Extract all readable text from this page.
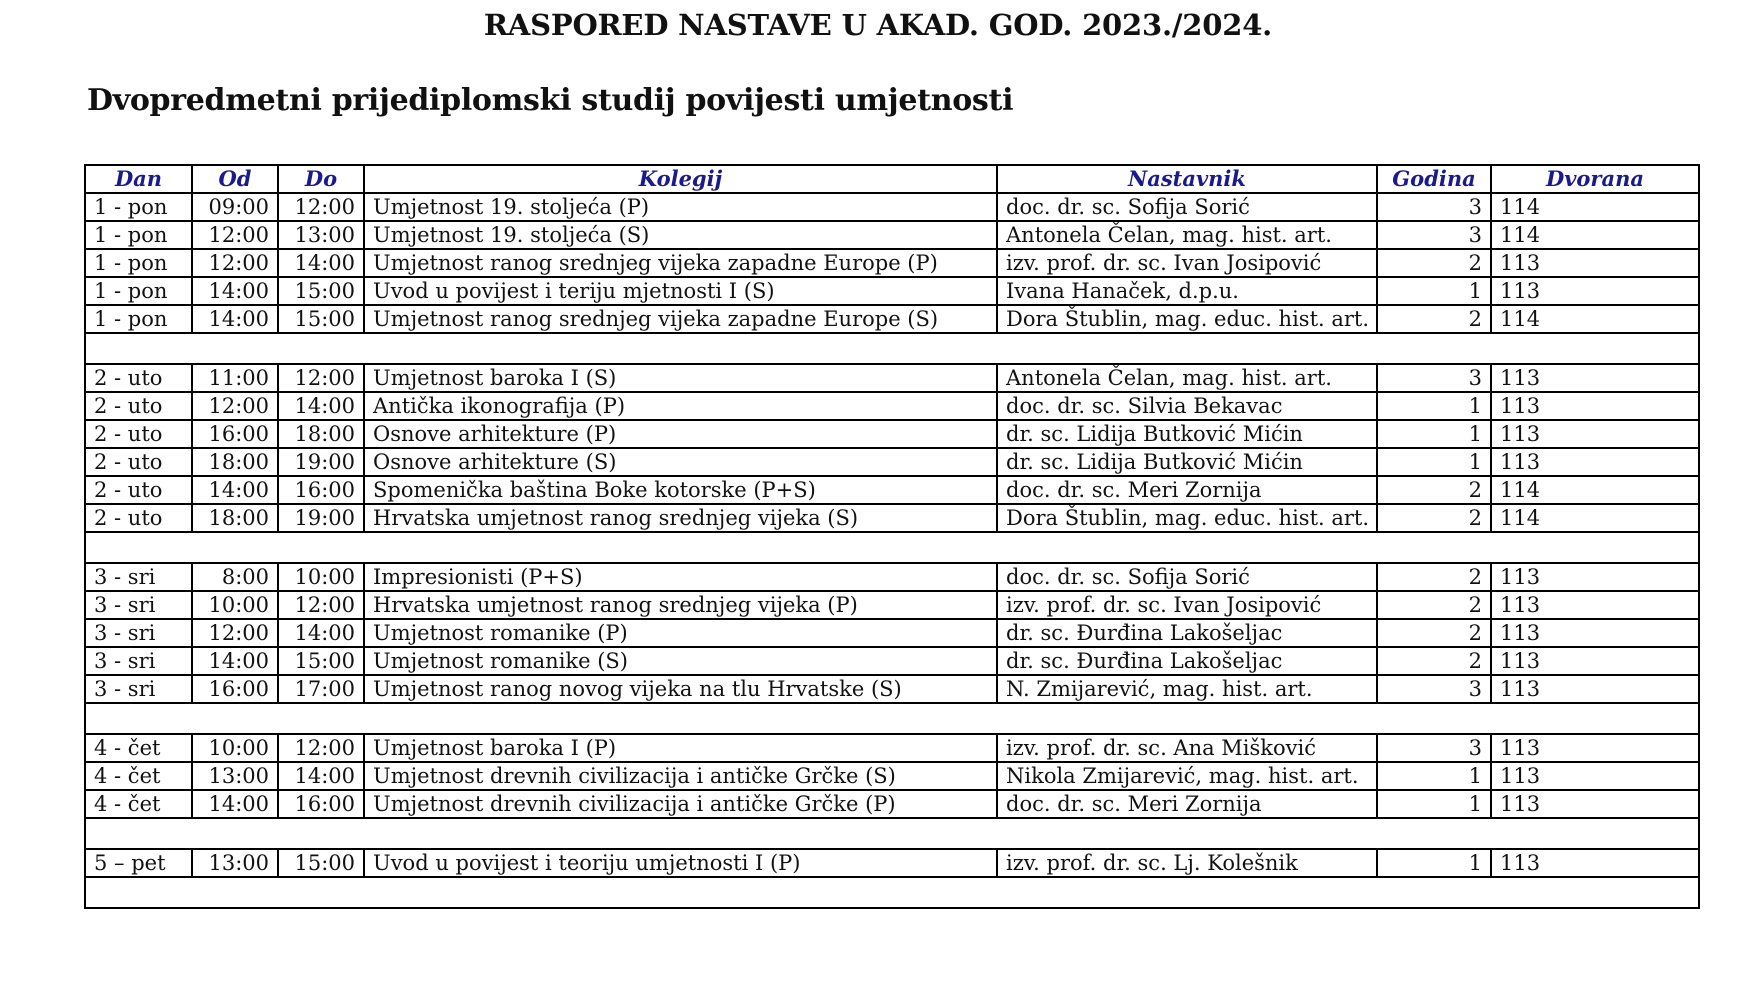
RASPORED NASTAVE U AKAD. GOD. 2023./2024.
Dvopredmetni prijediplomski studij povijesti umjetnosti
Dan	Od	Do	Kolegij	Nastavnik	Godina	Dvorana
1 - pon	09:00	12:00	Umjetnost 19. stoljeća (P)	doc. dr. sc. Sofija Sorić	3	114
1 - pon	12:00	13:00	Umjetnost 19. stoljeća (S)	Antonela Čelan, mag. hist. art.	3	114
1 - pon	12:00	14:00	Umjetnost ranog srednjeg vijeka zapadne Europe (P)	izv. prof. dr. sc. Ivan Josipović	2	113
1 - pon	14:00	15:00	Uvod u povijest i teriju mjetnosti I (S)	Ivana Hanaček, d.p.u.	1	113
1 - pon	14:00	15:00	Umjetnost ranog srednjeg vijeka zapadne Europe (S)	Dora Štublin, mag. educ. hist. art.	2	114

2 - uto	11:00	12:00	Umjetnost baroka I (S)	Antonela Čelan, mag. hist. art.	3	113
2 - uto	12:00	14:00	Antička ikonografija (P)	doc. dr. sc. Silvia Bekavac	1	113
2 - uto	16:00	18:00	Osnove arhitekture (P)	dr. sc. Lidija Butković Mićin	1	113
2 - uto	18:00	19:00	Osnove arhitekture (S)	dr. sc. Lidija Butković Mićin	1	113
2 - uto	14:00	16:00	Spomenička baština Boke kotorske (P+S)	doc. dr. sc. Meri Zornija	2	114
2 - uto	18:00	19:00	Hrvatska umjetnost ranog srednjeg vijeka (S)	Dora Štublin, mag. educ. hist. art.	2	114

3 - sri	8:00	10:00	Impresionisti (P+S)	doc. dr. sc. Sofija Sorić	2	113
3 - sri	10:00	12:00	Hrvatska umjetnost ranog srednjeg vijeka (P)	izv. prof. dr. sc. Ivan Josipović	2	113
3 - sri	12:00	14:00	Umjetnost romanike (P)	dr. sc. Đurđina Lakošeljac	2	113
3 - sri	14:00	15:00	Umjetnost romanike (S)	dr. sc. Đurđina Lakošeljac	2	113
3 - sri	16:00	17:00	Umjetnost ranog novog vijeka na tlu Hrvatske (S)	N. Zmijarević, mag. hist. art.	3	113

4 - čet	10:00	12:00	Umjetnost baroka I (P)	izv. prof. dr. sc. Ana Mišković	3	113
4 - čet	13:00	14:00	Umjetnost drevnih civilizacija i antičke Grčke (S)	Nikola Zmijarević, mag. hist. art.	1	113
4 - čet	14:00	16:00	Umjetnost drevnih civilizacija i antičke Grčke (P)	doc. dr. sc. Meri Zornija	1	113

5 – pet	13:00	15:00	Uvod u povijest i teoriju umjetnosti I (P)	izv. prof. dr. sc. Lj. Kolešnik	1	113
